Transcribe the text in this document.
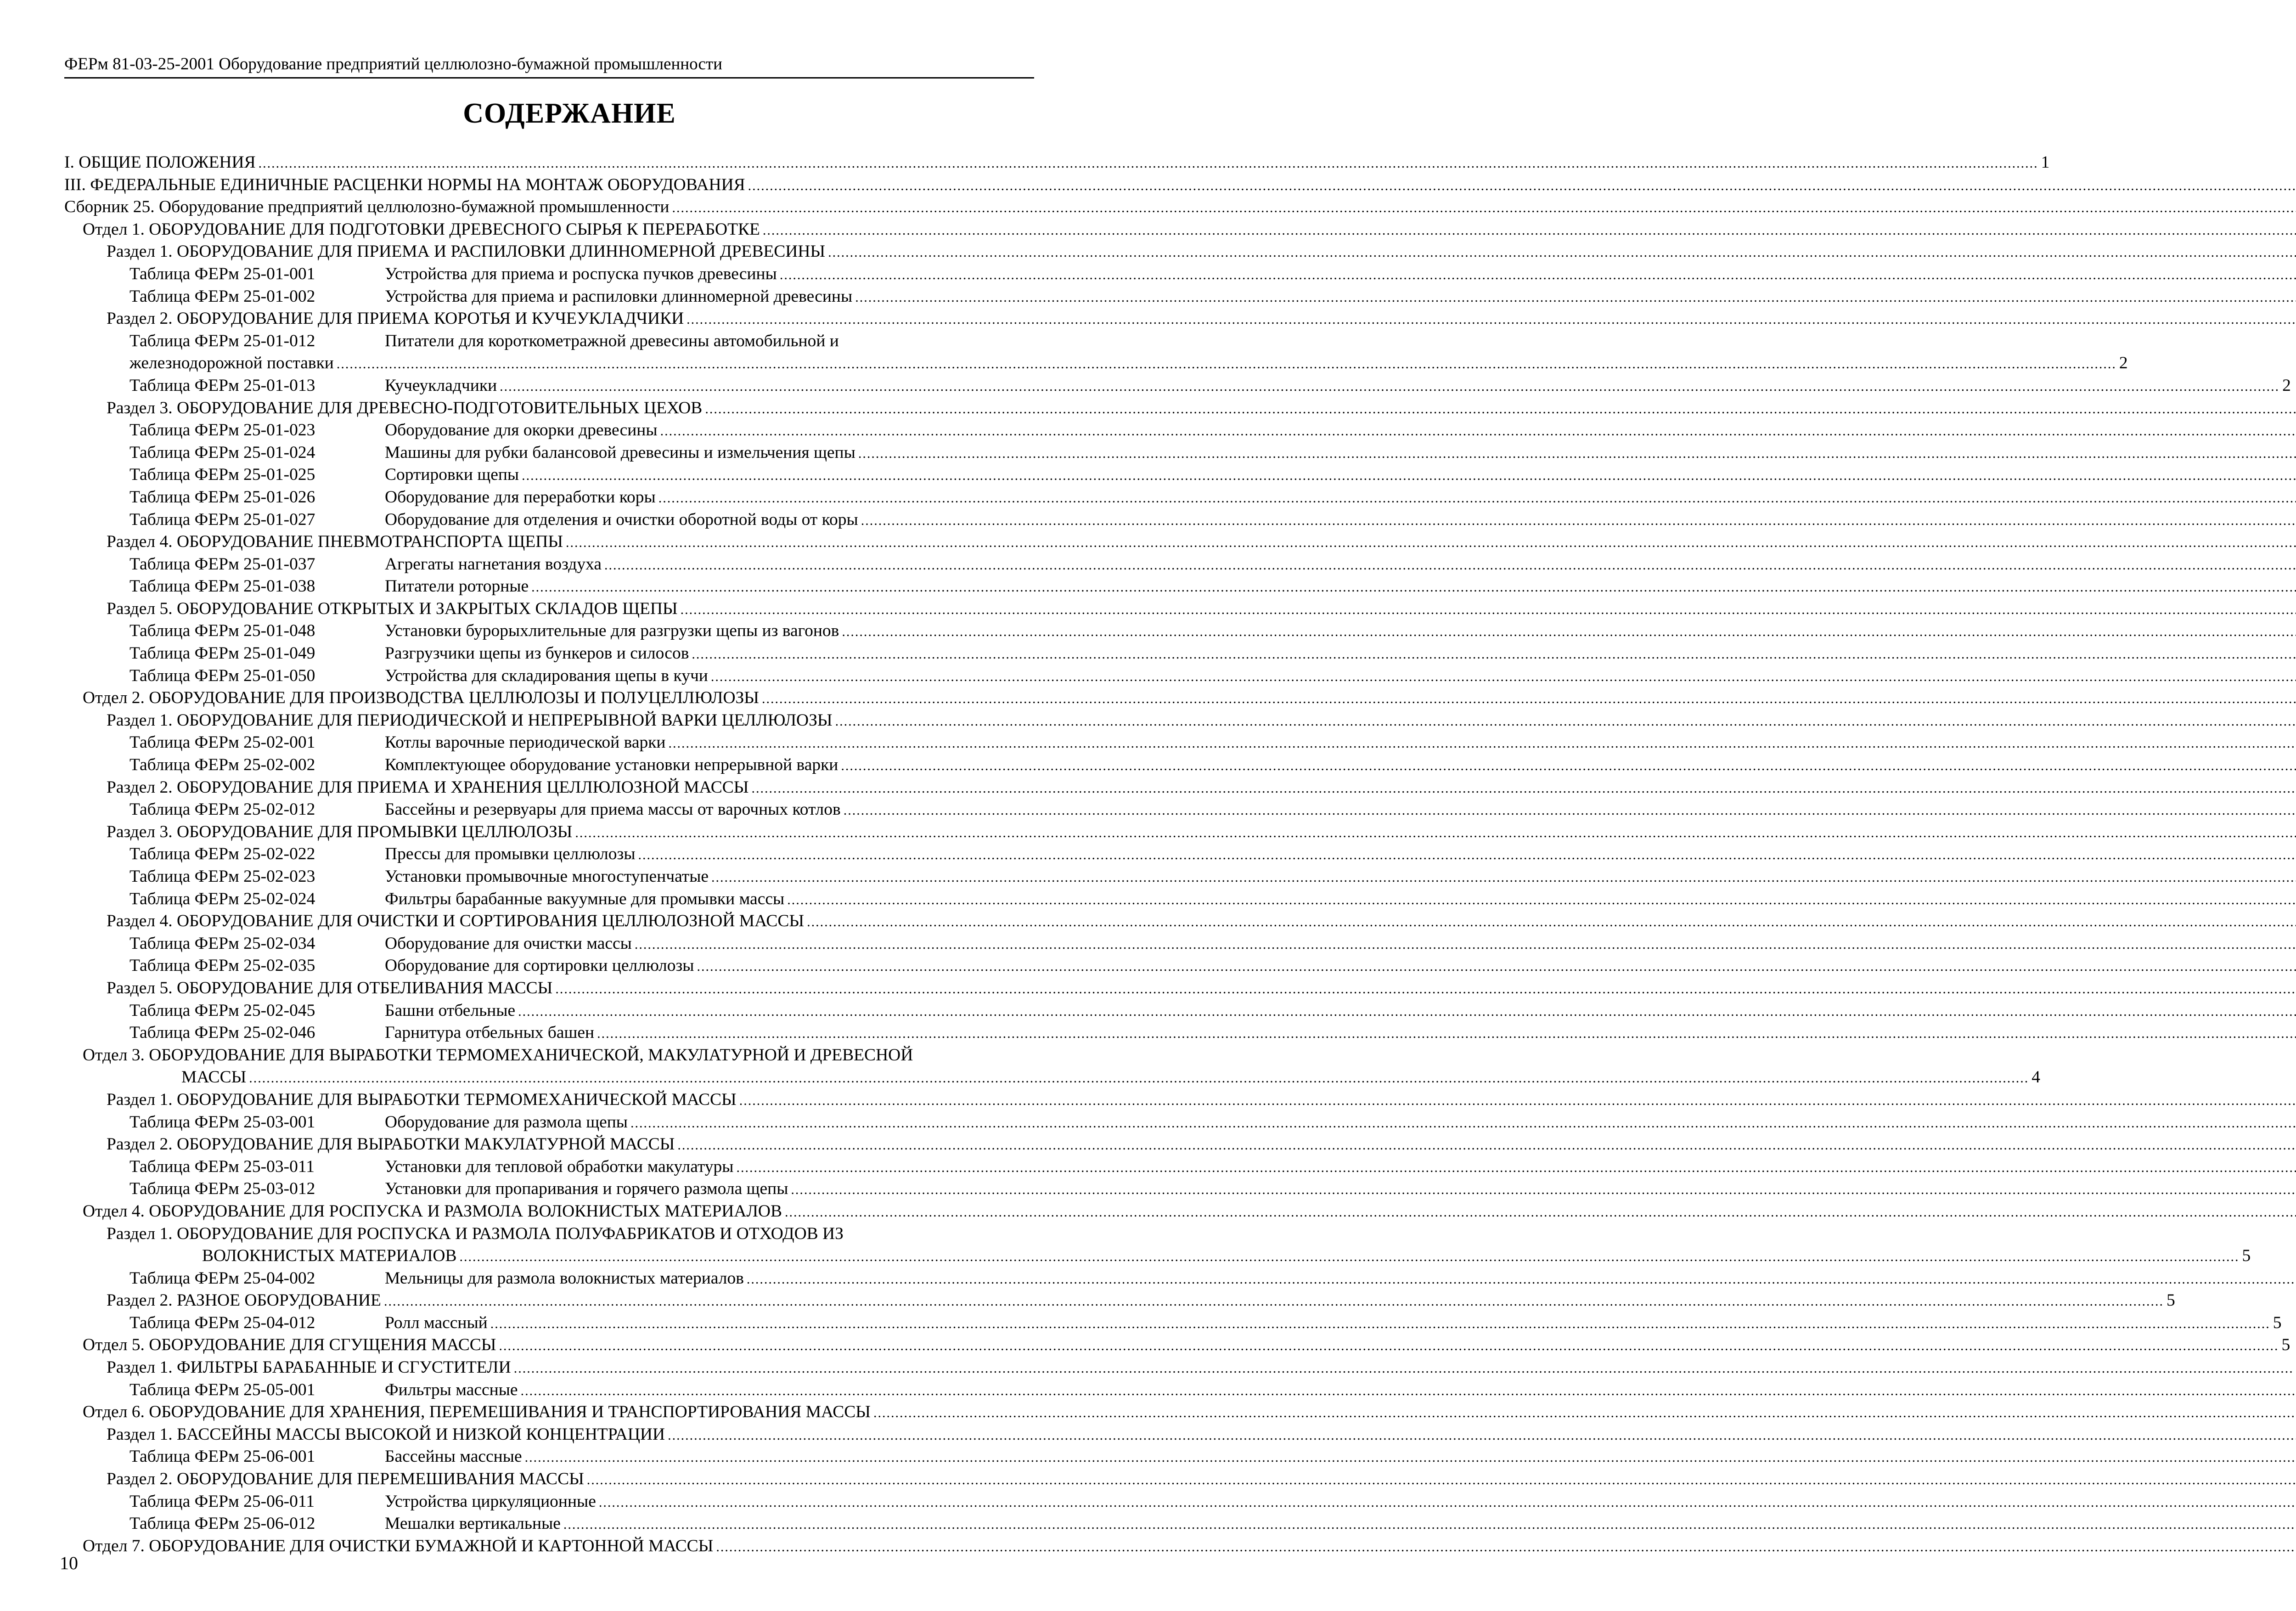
ФЕРм 81-03-25-2001 Оборудование предприятий целлюлозно-бумажной промышленности
СОДЕРЖАНИЕ
I. ОБЩИЕ ПОЛОЖЕНИЯ .....	1
III. ФЕДЕРАЛЬНЫЕ ЕДИНИЧНЫЕ РАСЦЕНКИ НОРМЫ НА МОНТАЖ ОБОРУДОВАНИЯ
.....
Сборник 25. Оборудование предприятий целлюлозно-бумажной промышленности
.....
Отдел 1. ОБОРУДОВАНИЕ ДЛЯ ПОДГОТОВКИ ДРЕВЕСНОГО СЫРЬЯ К ПЕРЕРАБОТКЕ
.....
Раздел 1. ОБОРУДОВАНИЕ ДЛЯ ПРИЕМА И РАСПИЛОВКИ ДЛИННОМЕРНОЙ ДРЕВЕСИНЫ
.....
Таблица ФЕРм 25-01-001	Устройства для приема и роспуска пучков древесины
.....
Таблица ФЕРм 25-01-002	Устройства для приема и распиловки длинномерной древесины
.....
Раздел 2. ОБОРУДОВАНИЕ ДЛЯ ПРИЕМА КОРОТЬЯ И КУЧЕУКЛАДЧИКИ
.....
Таблица ФЕРм 25-01-012	Питатели для короткометражной древесины автомобильной и
железнодорожной поставки .....	2
Таблица ФЕРм 25-01-013	Кучеукладчики .....	2
Раздел 3. ОБОРУДОВАНИЕ ДЛЯ ДРЕВЕСНО-ПОДГОТОВИТЕЛЬНЫХ ЦЕХОВ
.....
Таблица ФЕРм 25-01-023	Оборудование для окорки древесины
.....
Таблица ФЕРм 25-01-024	Машины для рубки балансовой древесины и измельчения щепы
.....
Таблица ФЕРм 25-01-025	Сортировки щепы
.....
Таблица ФЕРм 25-01-026	Оборудование для переработки коры
.....
Таблица ФЕРм 25-01-027	Оборудование для отделения и очистки оборотной воды от коры
.....
Раздел 4. ОБОРУДОВАНИЕ ПНЕВМОТРАНСПОРТА ЩЕПЫ
.....
Таблица ФЕРм 25-01-037	Агрегаты нагнетания воздуха
.....
Таблица ФЕРм 25-01-038	Питатели роторные
.....
Раздел 5. ОБОРУДОВАНИЕ ОТКРЫТЫХ И ЗАКРЫТЫХ СКЛАДОВ ЩЕПЫ
.....
Таблица ФЕРм 25-01-048	Установки бурорыхлительные для разгрузки щепы из вагонов
.....
Таблица ФЕРм 25-01-049	Разгрузчики щепы из бункеров и силосов
.....
Таблица ФЕРм 25-01-050	Устройства для складирования щепы в кучи
.....
Отдел 2. ОБОРУДОВАНИЕ ДЛЯ ПРОИЗВОДСТВА ЦЕЛЛЮЛОЗЫ И ПОЛУЦЕЛЛЮЛОЗЫ
.....
Раздел 1. ОБОРУДОВАНИЕ ДЛЯ ПЕРИОДИЧЕСКОЙ И НЕПРЕРЫВНОЙ ВАРКИ ЦЕЛЛЮЛОЗЫ
.....
Таблица ФЕРм 25-02-001	Котлы варочные периодической варки
.....
Таблица ФЕРм 25-02-002	Комплектующее оборудование установки непрерывной варки
.....
Раздел 2. ОБОРУДОВАНИЕ ДЛЯ ПРИЕМА И ХРАНЕНИЯ ЦЕЛЛЮЛОЗНОЙ МАССЫ
.....
Таблица ФЕРм 25-02-012	Бассейны и резервуары для приема массы от варочных котлов
.....
Раздел 3. ОБОРУДОВАНИЕ ДЛЯ ПРОМЫВКИ ЦЕЛЛЮЛОЗЫ
.....
Таблица ФЕРм 25-02-022	Прессы для промывки целлюлозы
.....
Таблица ФЕРм 25-02-023	Установки промывочные многоступенчатые
.....
Таблица ФЕРм 25-02-024	Фильтры барабанные вакуумные для промывки массы
.....
Раздел 4. ОБОРУДОВАНИЕ ДЛЯ ОЧИСТКИ И СОРТИРОВАНИЯ ЦЕЛЛЮЛОЗНОЙ МАССЫ
.....
Таблица ФЕРм 25-02-034	Оборудование для очистки массы
.....
Таблица ФЕРм 25-02-035	Оборудование для сортировки целлюлозы
.....
Раздел 5. ОБОРУДОВАНИЕ ДЛЯ ОТБЕЛИВАНИЯ МАССЫ
.....
Таблица ФЕРм 25-02-045	Башни отбельные
.....
Таблица ФЕРм 25-02-046	Гарнитура отбельных башен
.....
Отдел 3. ОБОРУДОВАНИЕ ДЛЯ ВЫРАБОТКИ ТЕРМОМЕХАНИЧЕСКОЙ, МАКУЛАТУРНОЙ И ДРЕВЕСНОЙ
МАССЫ .....	4
Раздел 1. ОБОРУДОВАНИЕ ДЛЯ ВЫРАБОТКИ ТЕРМОМЕХАНИЧЕСКОЙ МАССЫ
.....
Таблица ФЕРм 25-03-001	Оборудование для размола щепы
.....
Раздел 2. ОБОРУДОВАНИЕ ДЛЯ ВЫРАБОТКИ МАКУЛАТУРНОЙ МАССЫ
.....
Таблица ФЕРм 25-03-011	Установки для тепловой обработки макулатуры
.....
Таблица ФЕРм 25-03-012	Установки для пропаривания и горячего размола щепы
.....
Отдел 4. ОБОРУДОВАНИЕ ДЛЯ РОСПУСКА И РАЗМОЛА ВОЛОКНИСТЫХ МАТЕРИАЛОВ
.....
Раздел 1. ОБОРУДОВАНИЕ ДЛЯ РОСПУСКА И РАЗМОЛА ПОЛУФАБРИКАТОВ И ОТХОДОВ ИЗ
ВОЛОКНИСТЫХ МАТЕРИАЛОВ .....	5
Таблица ФЕРм 25-04-002	Мельницы для размола волокнистых материалов
.....
Раздел 2. РАЗНОЕ ОБОРУДОВАНИЕ .....	5
Таблица ФЕРм 25-04-012	Ролл массный .....	5
Отдел 5. ОБОРУДОВАНИЕ ДЛЯ СГУЩЕНИЯ МАССЫ .....	5
Раздел 1. ФИЛЬТРЫ БАРАБАННЫЕ И СГУСТИТЕЛИ
.....
Таблица ФЕРм 25-05-001	Фильтры массные
.....
Отдел 6. ОБОРУДОВАНИЕ ДЛЯ ХРАНЕНИЯ, ПЕРЕМЕШИВАНИЯ И ТРАНСПОРТИРОВАНИЯ МАССЫ
.....
Раздел 1. БАССЕЙНЫ МАССЫ ВЫСОКОЙ И НИЗКОЙ КОНЦЕНТРАЦИИ
.....
Таблица ФЕРм 25-06-001	Бассейны массные
.....
Раздел 2. ОБОРУДОВАНИЕ ДЛЯ ПЕРЕМЕШИВАНИЯ МАССЫ
.....
Таблица ФЕРм 25-06-011	Устройства циркуляционные
.....
Таблица ФЕРм 25-06-012	Мешалки вертикальные
.....
Отдел 7. ОБОРУДОВАНИЕ ДЛЯ ОЧИСТКИ БУМАЖНОЙ И КАРТОННОЙ МАССЫ
.....
10
